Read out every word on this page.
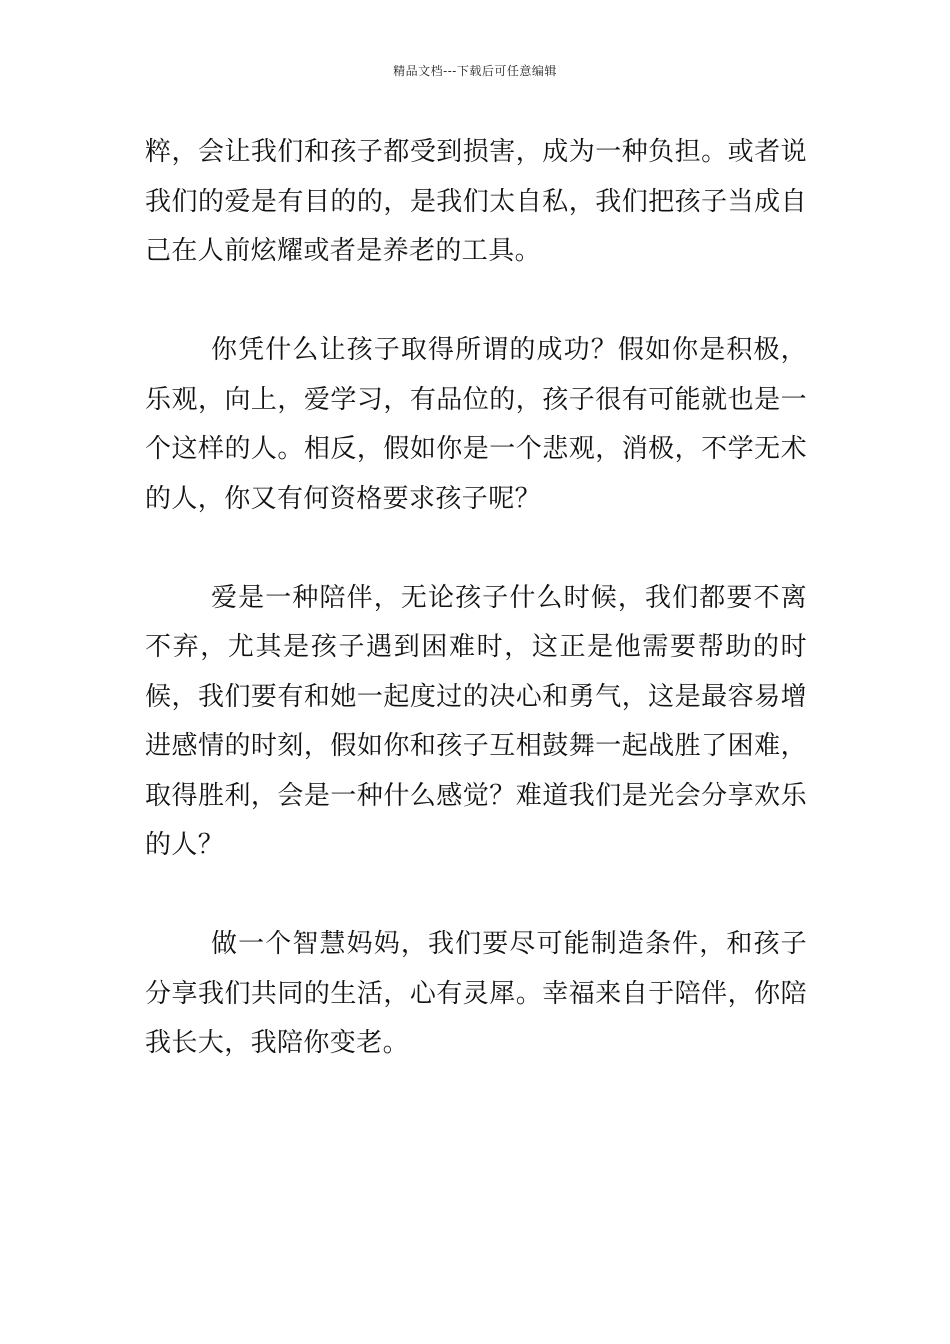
精品文档---下载后可任意编辑

粹，会让我们和孩子都受到损害，成为一种负担。或者说我们的爱是有目的的，是我们太自私，我们把孩子当成自己在人前炫耀或者是养老的工具。

你凭什么让孩子取得所谓的成功？假如你是积极，乐观，向上，爱学习，有品位的，孩子很有可能就也是一个这样的人。相反，假如你是一个悲观，消极，不学无术的人，你又有何资格要求孩子呢？

爱是一种陪伴，无论孩子什么时候，我们都要不离不弃，尤其是孩子遇到困难时，这正是他需要帮助的时候，我们要有和她一起度过的决心和勇气，这是最容易增进感情的时刻，假如你和孩子互相鼓舞一起战胜了困难，取得胜利，会是一种什么感觉？难道我们是光会分享欢乐的人？

做一个智慧妈妈，我们要尽可能制造条件，和孩子分享我们共同的生活，心有灵犀。幸福来自于陪伴，你陪我长大，我陪你变老。
